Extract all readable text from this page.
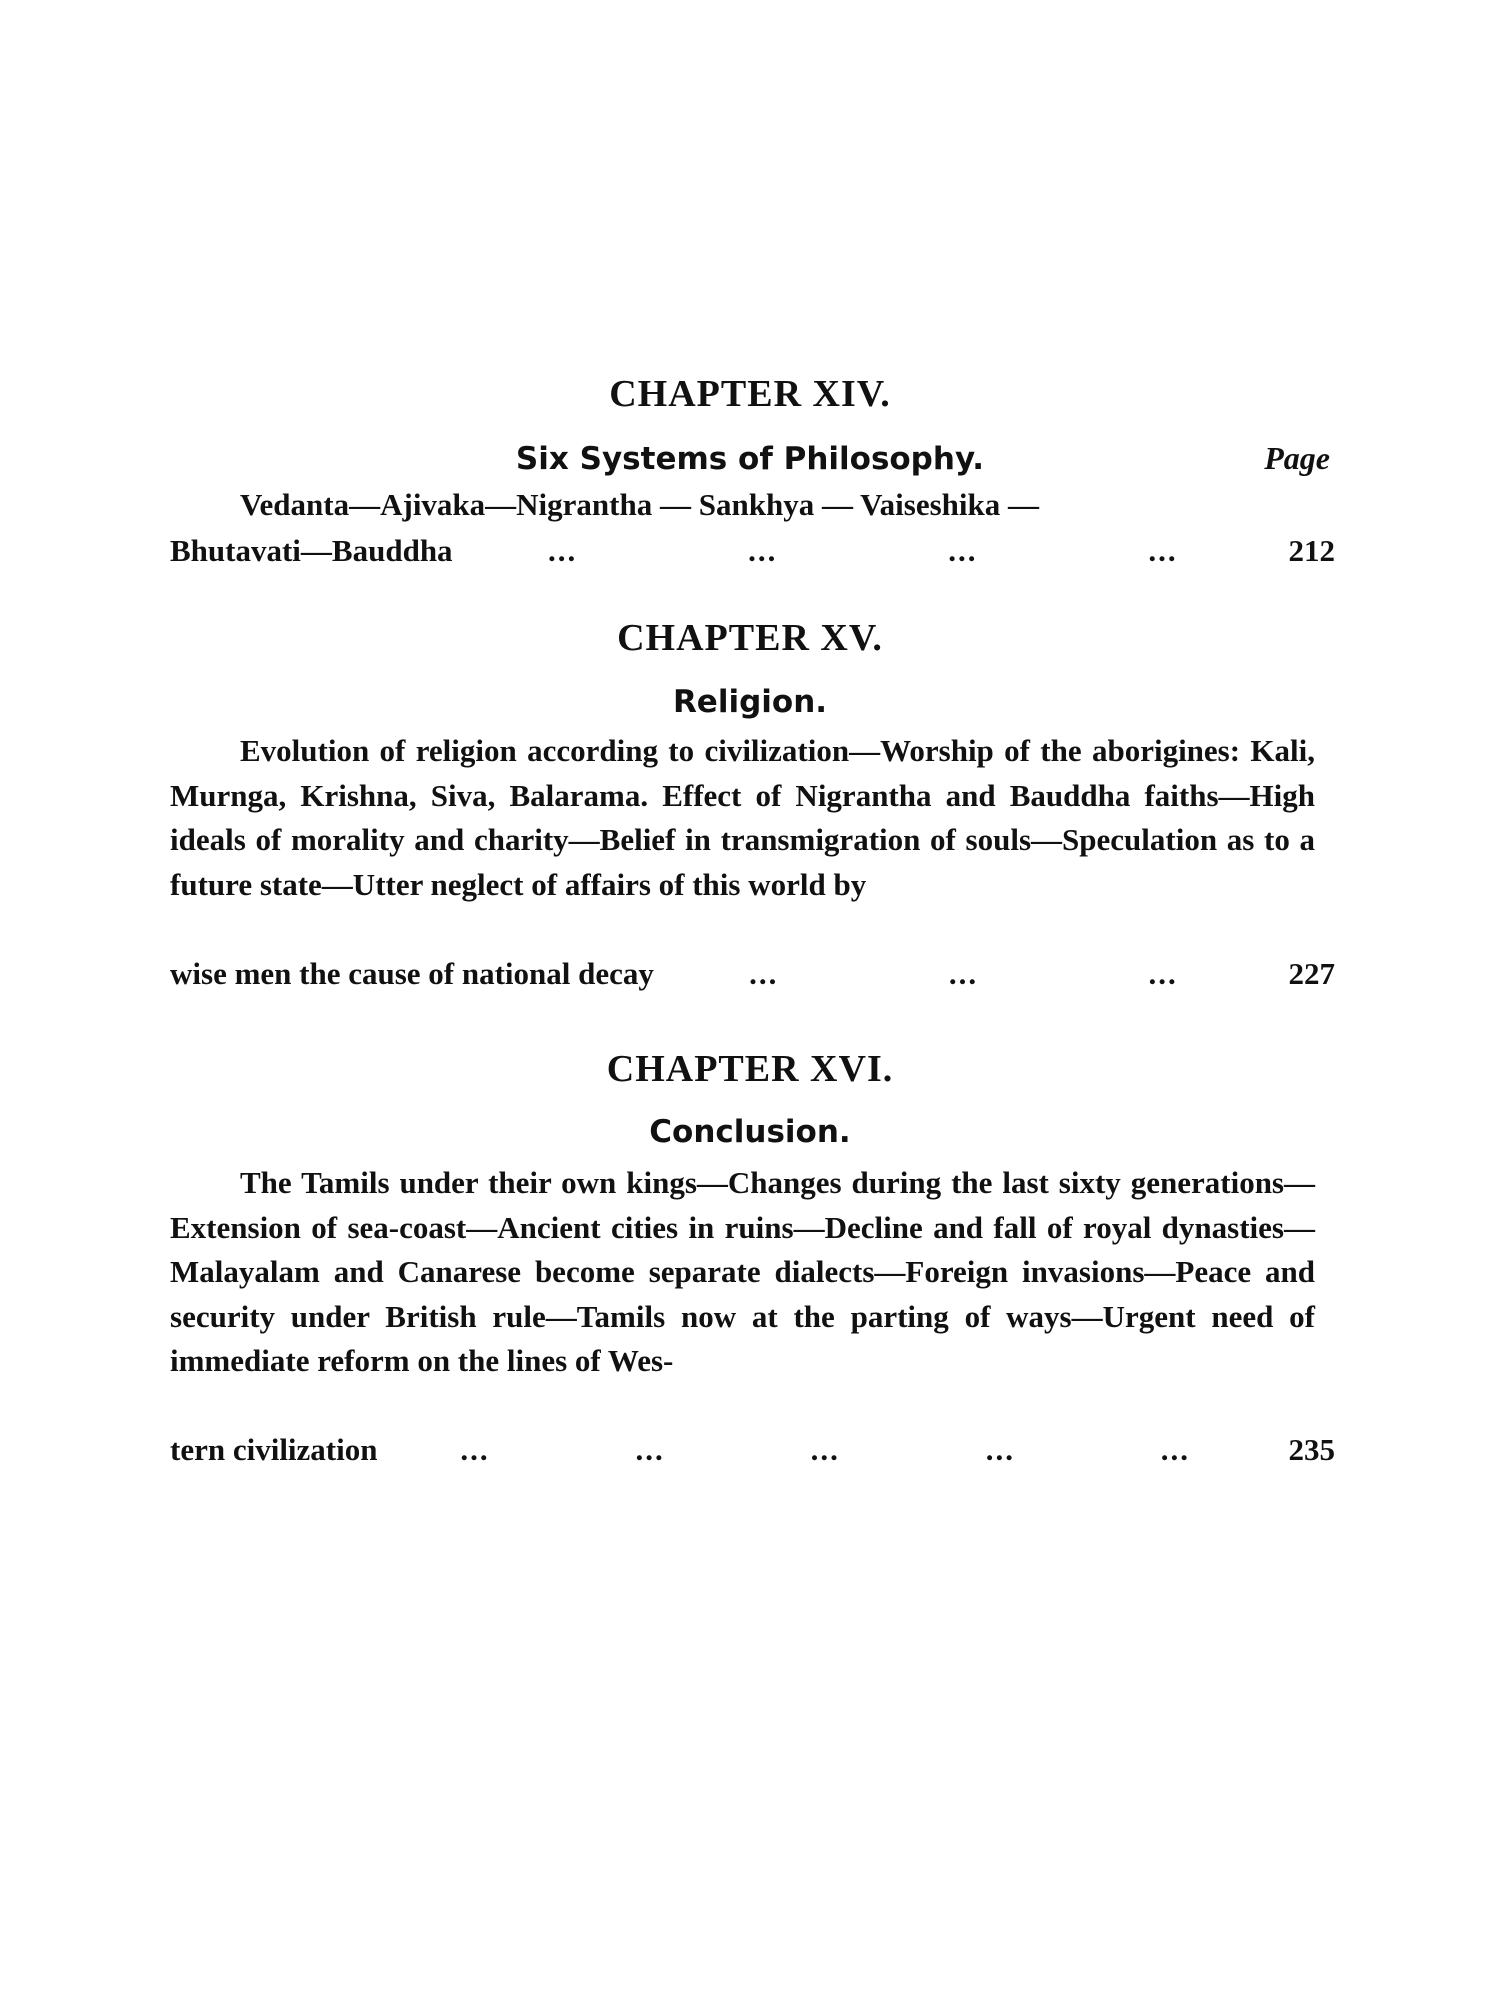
CHAPTER XIV.
Six Systems of Philosophy.	Page
Vedanta—Ajivaka—Nigrantha — Sankhya — Vaiseshika —
Bhutavati—Bauddha	...	...	...	...	212
CHAPTER XV.
Religion.
Evolution of religion according to civilization—Worship of the aborigines: Kali, Murnga, Krishna, Siva, Balarama. Effect of Nigrantha and Bauddha faiths—High ideals of morality and charity—Belief in transmigration of souls—Speculation as to a future state—Utter neglect of affairs of this world by
wise men the cause of national decay	...	...	...	227
CHAPTER XVI.
Conclusion.
The Tamils under their own kings—Changes during the last sixty generations—Extension of sea-coast—Ancient cities in ruins—Decline and fall of royal dynasties—Malayalam and Canarese become separate dialects—Foreign invasions—Peace and security under British rule—Tamils now at the parting of ways—Urgent need of immediate reform on the lines of Wes-
tern civilization	...	...	...	...	...	235
